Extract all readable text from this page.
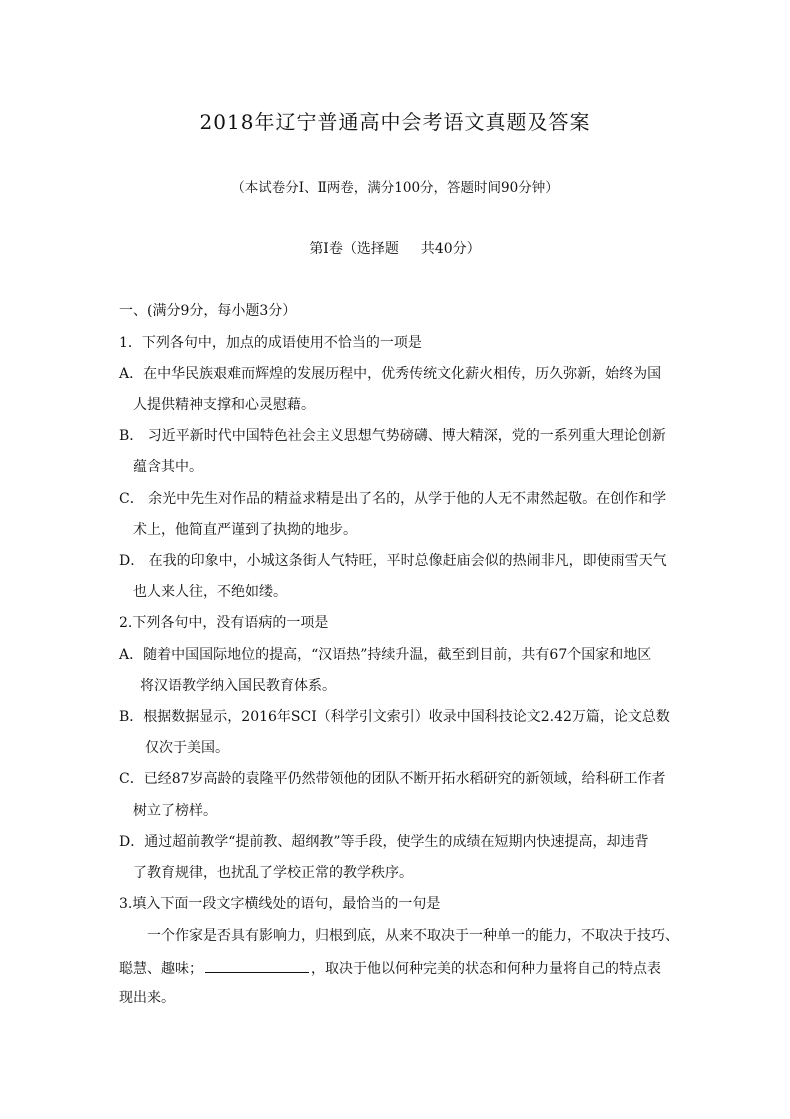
2018年辽宁普通高中会考语文真题及答案
（本试卷分Ⅰ、Ⅱ两卷，满分100分，答题时间90分钟）
第Ⅰ卷（选择题 共40分）
一、(满分9分，每小题3分）
1．下列各句中，加点的成语使用不恰当的一项是
A．在中华民族艰难而辉煌的发展历程中，优秀传统文化薪火相传，历久弥新，始终为国
人提供精神支撑和心灵慰藉。
B． 习近平新时代中国特色社会主义思想气势磅礴、博大精深，党的一系列重大理论创新
蕴含其中。
C． 余光中先生对作品的精益求精是出了名的，从学于他的人无不肃然起敬。在创作和学
术上，他简直严谨到了执拗的地步。
D． 在我的印象中，小城这条街人气特旺，平时总像赶庙会似的热闹非凡，即使雨雪天气
也人来人往，不绝如缕。
2.下列各句中，没有语病的一项是
A．随着中国国际地位的提高，“汉语热”持续升温，截至到目前，共有67个国家和地区
将汉语教学纳入国民教育体系。
B．根据数据显示，2016年SCI（科学引文索引）收录中国科技论文2.42万篇，论文总数
仅次于美国。
C．已经87岁高龄的袁隆平仍然带领他的团队不断开拓水稻研究的新领域，给科研工作者
树立了榜样。
D．通过超前教学“提前教、超纲教”等手段，使学生的成绩在短期内快速提高，却违背
了教育规律，也扰乱了学校正常的教学秩序。
3.填入下面一段文字横线处的语句，最恰当的一句是
一个作家是否具有影响力，归根到底，从来不取决于一种单一的能力，不取决于技巧、
聪慧、趣味；	，取决于他以何种完美的状态和何种力量将自己的特点表
现出来。
